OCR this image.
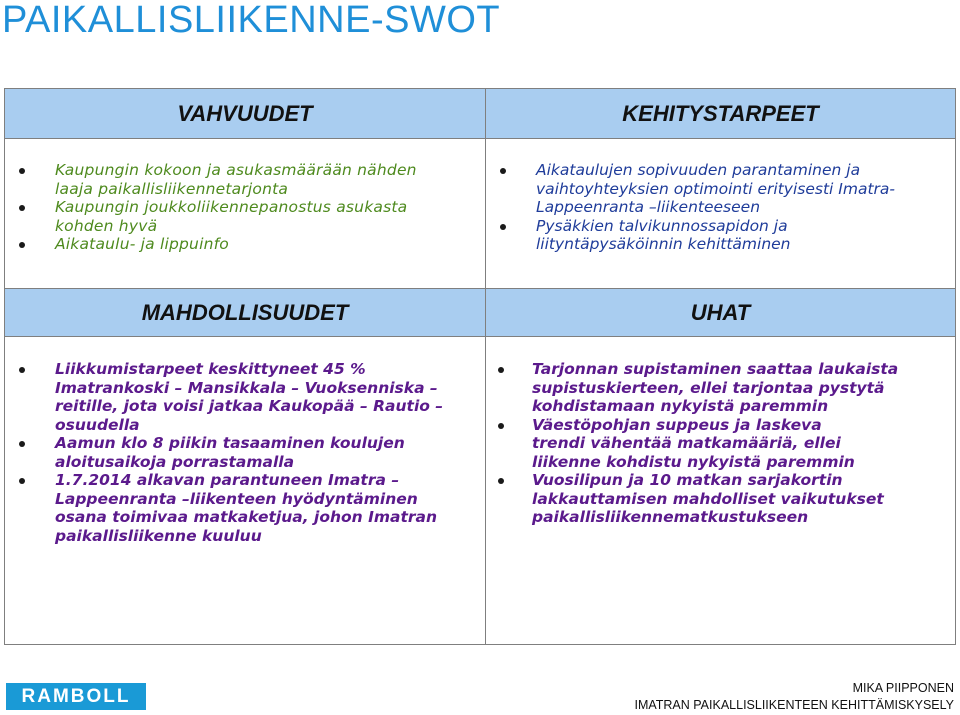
PAIKALLISLIIKENNE-SWOT
VAHVUUDET	KEHITYSTARPEET
Kaupungin kokoon ja asukasmäärään nähden laaja paikallisliikennetarjonta
Kaupungin joukkoliikennepanostus asukasta kohden hyvä
Aikataulu- ja lippuinfo
Aikataulujen sopivuuden parantaminen ja vaihtoyhteyksien optimointi erityisesti Imatra-Lappeenranta –liikenteeseen
Pysäkkien talvikunnossapidon ja liityntäpysäköinnin kehittäminen
MAHDOLLISUUDET	UHAT
Liikkumistarpeet keskittyneet 45 % Imatrankoski – Mansikkala – Vuoksenniska –reitille, jota voisi jatkaa Kaukopää – Rautio –osuudella
Aamun klo 8 piikin tasaaminen koulujen aloitusaikoja porrastamalla
1.7.2014 alkavan parantuneen Imatra – Lappeenranta –liikenteen hyödyntäminen osana toimivaa matkaketjua, johon Imatran paikallisliikenne kuuluu
Tarjonnan supistaminen saattaa laukaista supistuskierteen, ellei tarjontaa pystytä kohdistamaan nykyistä paremmin
Väestöpohjan suppeus ja laskeva trendi vähentää matkamääriä, ellei liikenne kohdistu nykyistä paremmin
Vuosilipun ja 10 matkan sarjakortin lakkauttamisen mahdolliset vaikutukset paikallisliikennematkustukseen
RAMBOLL	MIKA PIIPPONEN
IMATRAN PAIKALLISLIIKENTEEN KEHITTÄMISKYSELY
